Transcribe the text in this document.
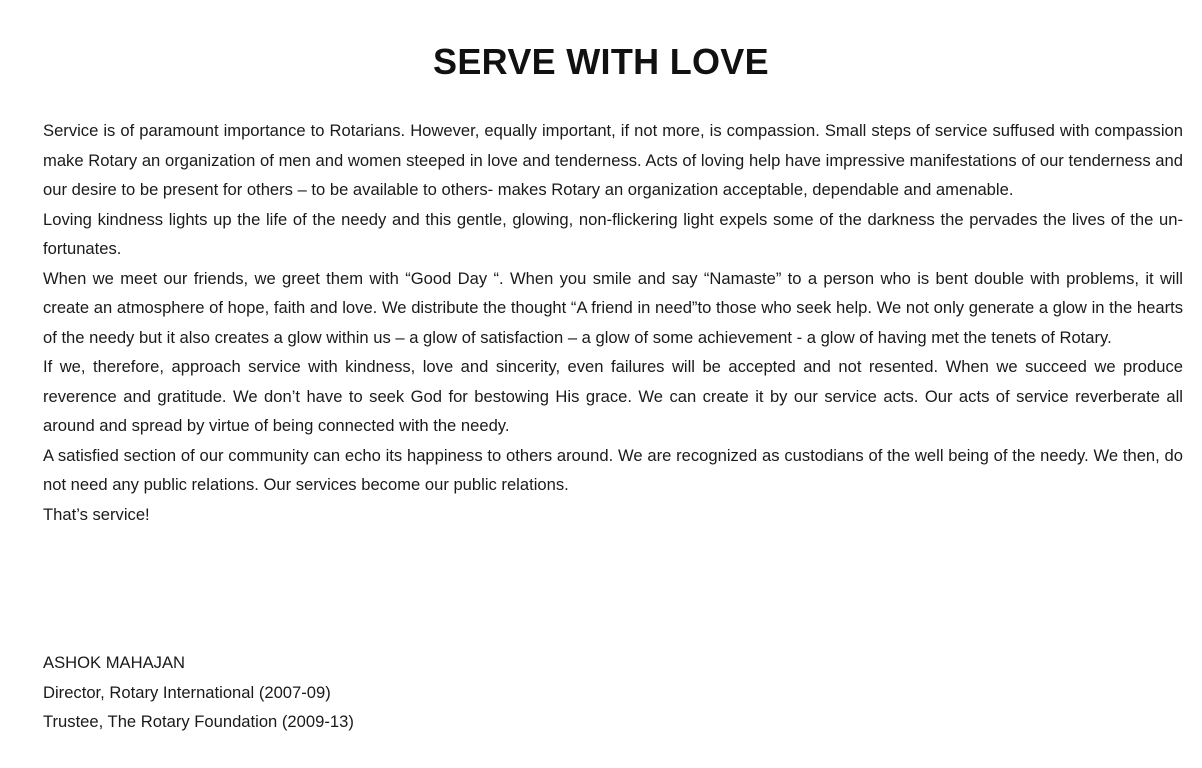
SERVE WITH LOVE

Service is of paramount importance to Rotarians. However, equally important, if not more, is compassion. Small steps of service suffused with compassion make Rotary an organization of men and women steeped in love and tenderness. Acts of loving help have impressive manifestations of our tenderness and our desire to be present for others – to be available to others- makes Rotary an organization acceptable, dependable and amenable.

Loving kindness lights up the life of the needy and this gentle, glowing, non-flickering light expels some of the darkness the pervades the lives of the un-fortunates.

When we meet our friends, we greet them with “Good Day “. When you smile and say “Namaste” to a person who is bent double with problems, it will create an atmosphere of hope, faith and love. We distribute the thought “A friend in need”to those who seek help. We not only generate a glow in the hearts of the needy but it also creates a glow within us – a glow of satisfaction – a glow of some achievement - a glow of having met the tenets of Rotary.

If we, therefore, approach service with kindness, love and sincerity, even failures will be accepted and not resented. When we succeed we produce reverence and gratitude. We don’t have to seek God for bestowing His grace. We can create it by our service acts. Our acts of service reverberate all around and spread by virtue of being connected with the needy.

A satisfied section of our community can echo its happiness to others around. We are recognized as custodians of the well being of the needy. We then, do not need any public relations. Our services become our public relations.

That’s service!

ASHOK MAHAJAN

Director, Rotary International (2007-09)

Trustee, The Rotary Foundation (2009-13)
